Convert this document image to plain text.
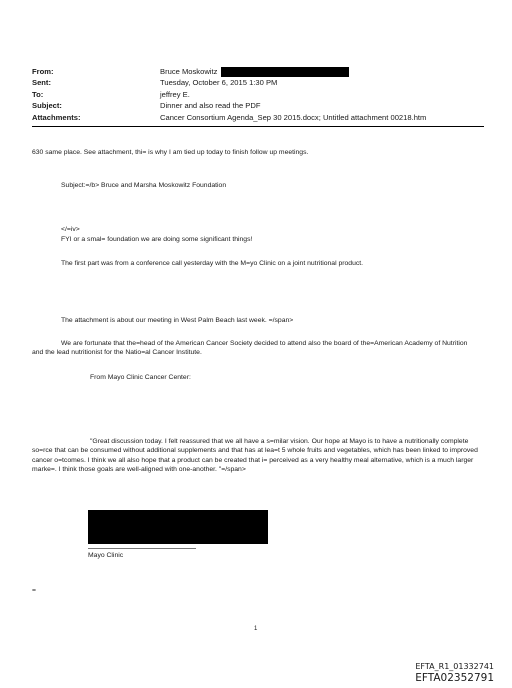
From:	Bruce Moskowitz
Sent:	Tuesday, October 6, 2015 1:30 PM
To:	jeffrey E.
Subject:	Dinner and also read the PDF
Attachments:	Cancer Consortium Agenda_Sep 30 2015.docx; Untitled attachment 00218.htm
630 same place. See attachment, thi= is why I am tied up today to finish follow up meetings.
Subject:=/b> Bruce and Marsha Moskowitz Foundation
</=iv>
FYI or a smal= foundation we are doing some significant things!
The first part was from a conference call yesterday with the M=yo Clinic on a joint nutritional product.
The attachment is about our meeting in West Palm Beach last week. =/span>
We are fortunate that the=head of the American Cancer Society decided to attend also the board of the=American Academy of Nutrition and the lead nutritionist for the Natio=al Cancer Institute.
From Mayo Clinic Cancer Center:
"Great discussion today. I felt reassured that we all have a s=milar vision. Our hope at Mayo is to have a nutritionally complete so=rce that can be consumed without additional supplements and that has at lea=t 5 whole fruits and vegetables, which has been linked to improved cancer o=tcomes. I think we all also hope that a product can be created that i= perceived as a very healthy meal alternative, which is a much larger marke=. I think those goals are well-aligned with one-another. "=/span>
Mayo Clinic
=
1
EFTA_R1_01332741
EFTA02352791
